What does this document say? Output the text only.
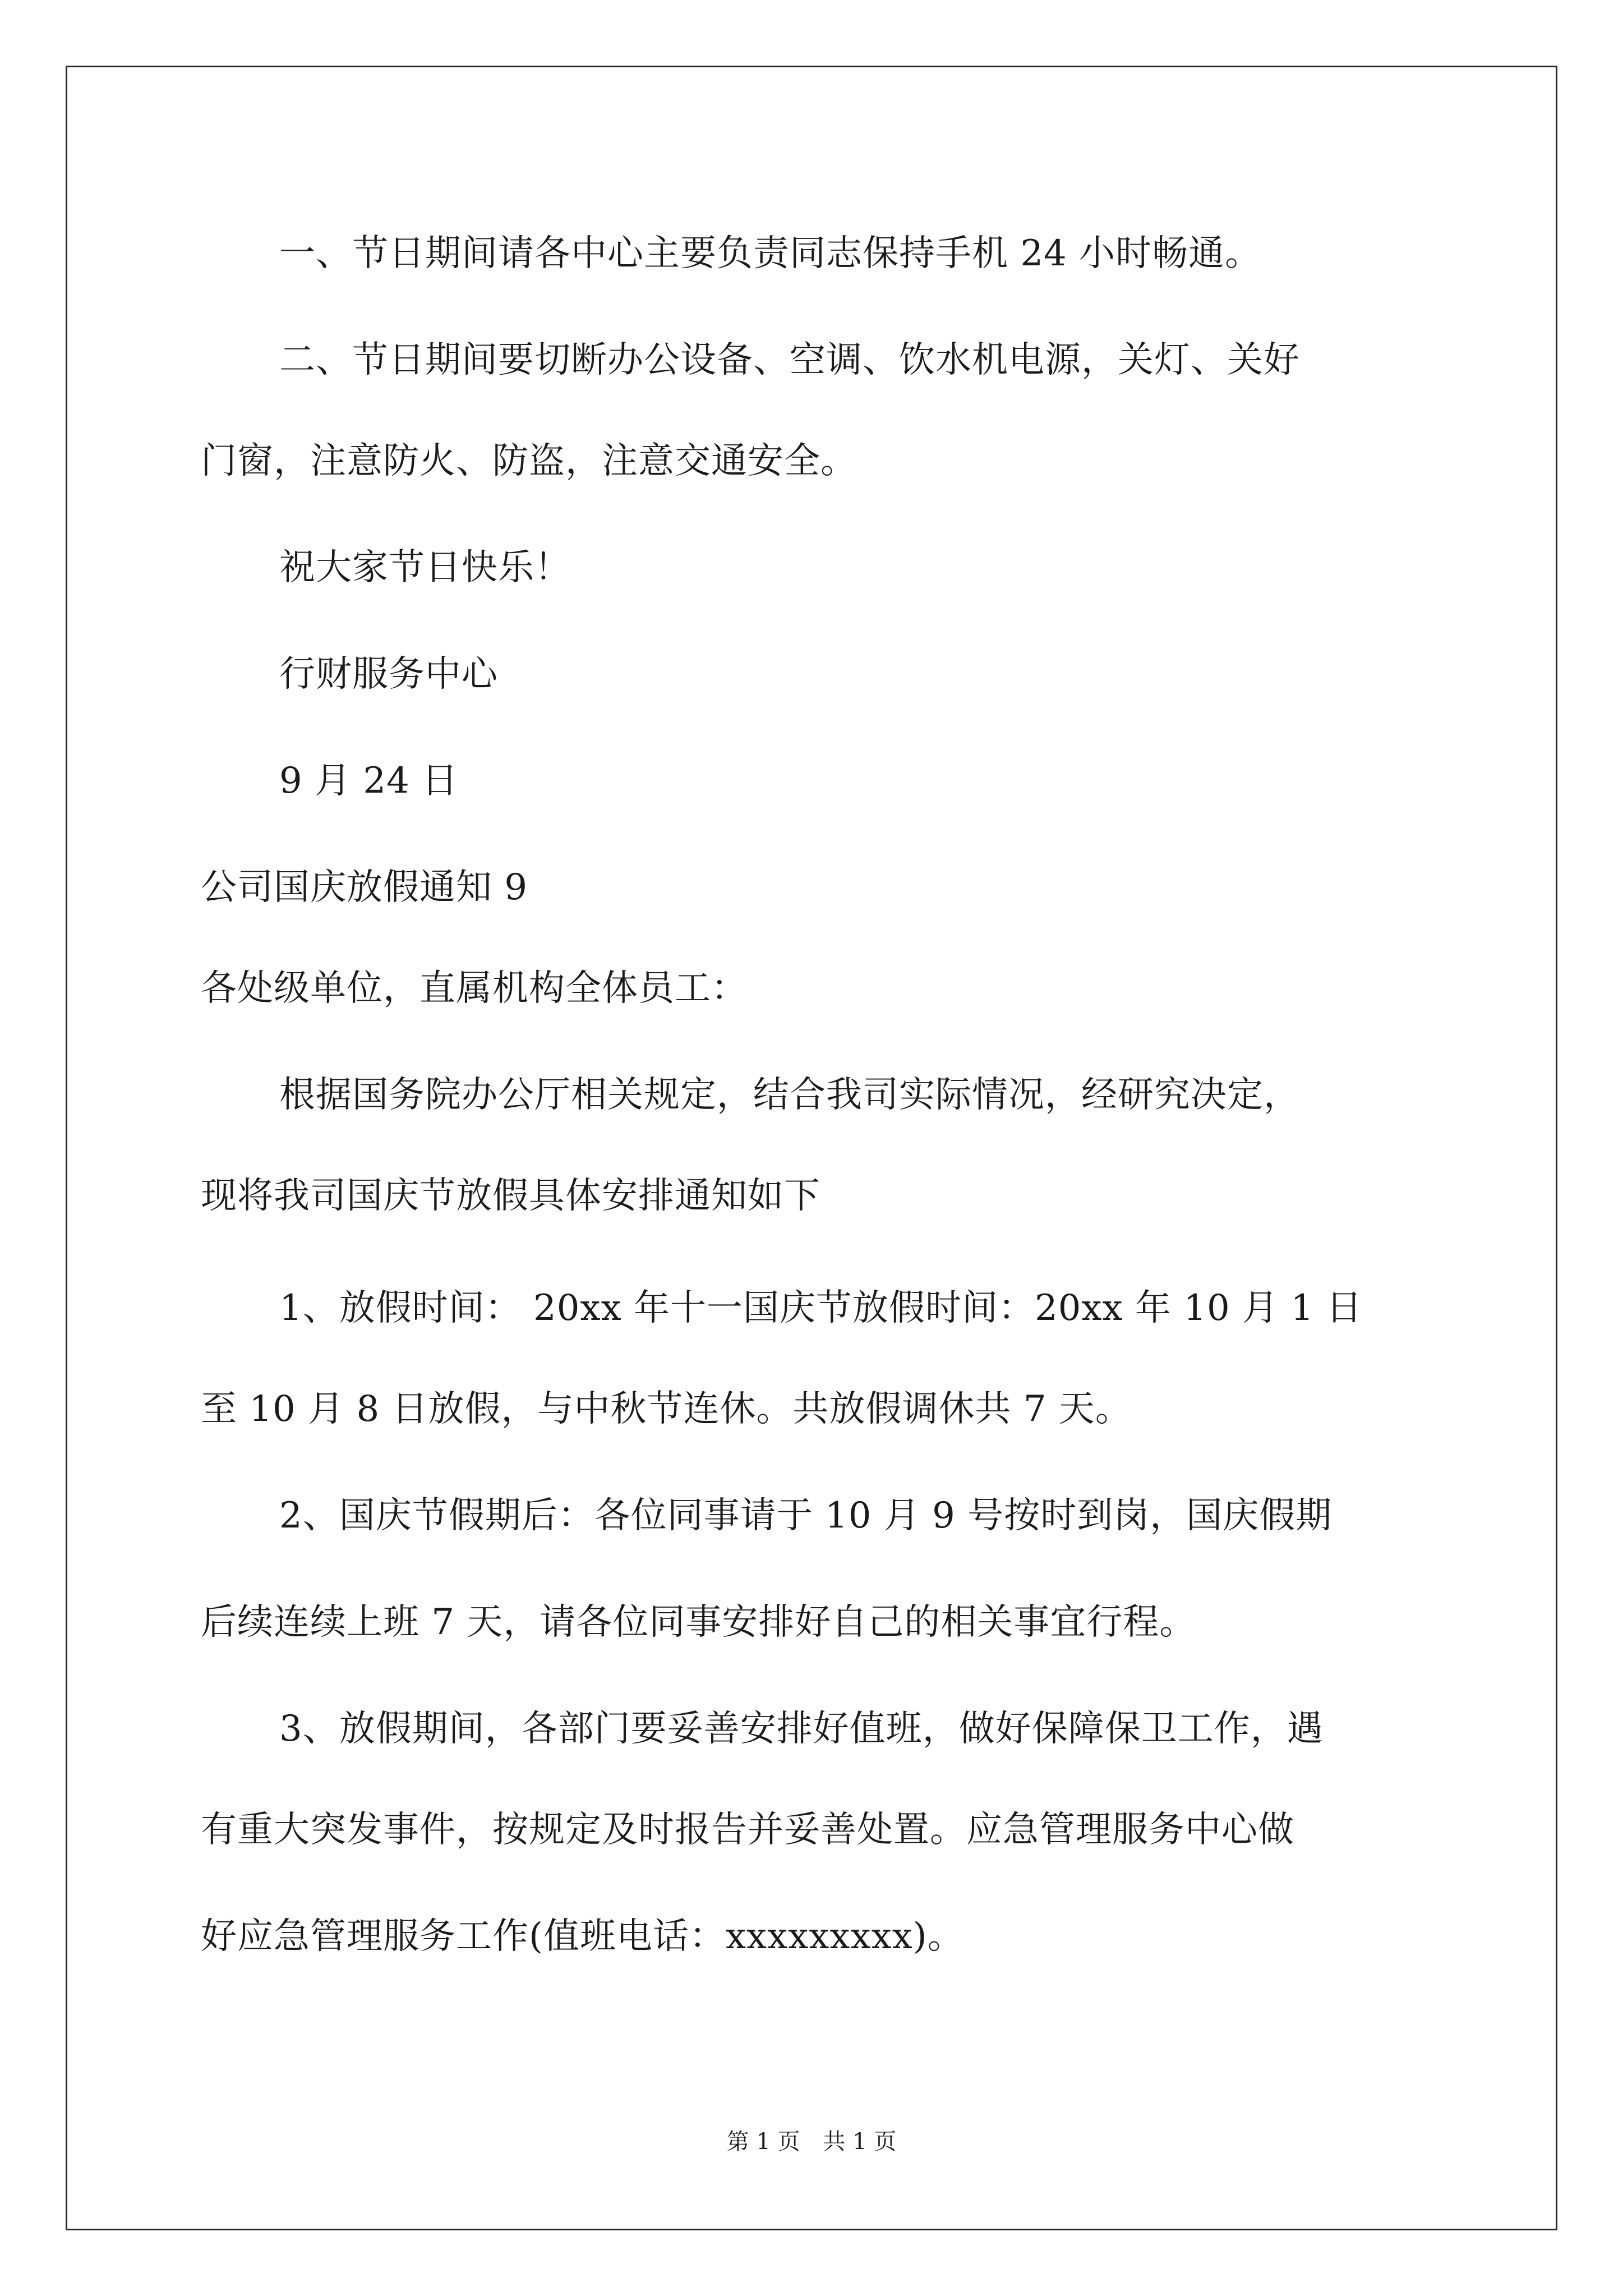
一、节日期间请各中心主要负责同志保持手机 24 小时畅通。
二、节日期间要切断办公设备、空调、饮水机电源，关灯、关好
门窗，注意防火、防盗，注意交通安全。
祝大家节日快乐！
行财服务中心
9 月 24 日
公司国庆放假通知 9
各处级单位，直属机构全体员工：
根据国务院办公厅相关规定，结合我司实际情况，经研究决定，
现将我司国庆节放假具体安排通知如下
1、放假时间： 20xx 年十一国庆节放假时间：20xx 年 10 月 1 日
至 10 月 8 日放假，与中秋节连休。共放假调休共 7 天。
2、国庆节假期后：各位同事请于 10 月 9 号按时到岗，国庆假期
后续连续上班 7 天，请各位同事安排好自己的相关事宜行程。
3、放假期间，各部门要妥善安排好值班，做好保障保卫工作，遇
有重大突发事件，按规定及时报告并妥善处置。应急管理服务中心做
好应急管理服务工作(值班电话：xxxxxxxxx)。
第 1 页 共 1 页
